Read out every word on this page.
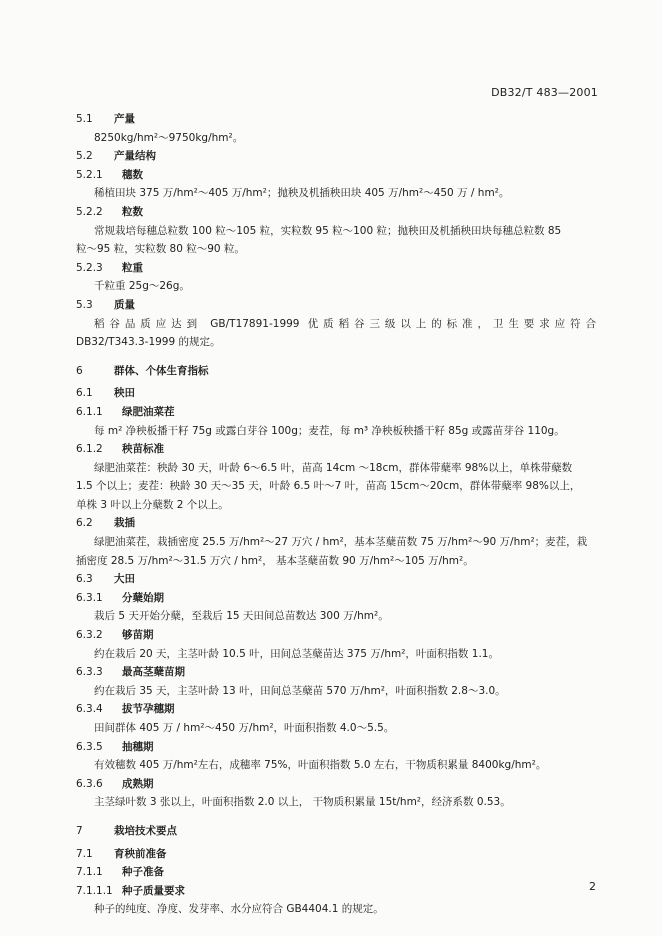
DB32/T 483—2001
5.1	产量
8250kg/hm²～9750kg/hm²。
5.2	产量结构
5.2.1	穗数
稀植田块 375 万/hm²～405 万/hm²；抛秧及机插秧田块 405 万/hm²～450 万 / hm²。
5.2.2	粒数
常规栽培每穗总粒数 100 粒～105 粒，实粒数 95 粒～100 粒；抛秧田及机插秧田块每穗总粒数 85
粒～95 粒，实粒数 80 粒～90 粒。
5.2.3	粒重
千粒重 25g～26g。
5.3	质量
稻谷品质应达到 GB/T17891-1999 优质稻谷三级以上的标准，卫生要求应符合
DB32/T343.3-1999 的规定。
6	群体、个体生育指标
6.1	秧田
6.1.1	绿肥油菜茬
每 m² 净秧板播干籽 75g 或露白芽谷 100g；麦茬，每 m³ 净秧板秧播干籽 85g 或露苗芽谷 110g。
6.1.2	秧苗标准
绿肥油菜茬：秧龄 30 天，叶龄 6～6.5 叶，苗高 14cm ～18cm，群体带蘖率 98%以上，单株带蘖数
1.5 个以上；麦茬：秧龄 30 天～35 天，叶龄 6.5 叶～7 叶，苗高 15cm～20cm，群体带蘖率 98%以上，
单株 3 叶以上分蘖数 2 个以上。
6.2	栽插
绿肥油菜茬，栽插密度 25.5 万/hm²～27 万穴 / hm²，基本茎蘖苗数 75 万/hm²～90 万/hm²；麦茬，栽
插密度 28.5 万/hm²～31.5 万穴 / hm²， 基本茎蘖苗数 90 万/hm²～105 万/hm²。
6.3	大田
6.3.1	分蘖始期
栽后 5 天开始分蘖，至栽后 15 天田间总苗数达 300 万/hm²。
6.3.2	够苗期
约在栽后 20 天，主茎叶龄 10.5 叶，田间总茎蘖苗达 375 万/hm²，叶面积指数 1.1。
6.3.3	最高茎蘖苗期
约在栽后 35 天，主茎叶龄 13 叶，田间总茎蘖苗 570 万/hm²，叶面积指数 2.8～3.0。
6.3.4	拔节孕穗期
田间群体 405 万 / hm²～450 万/hm²，叶面积指数 4.0～5.5。
6.3.5	抽穗期
有效穗数 405 万/hm²左右，成穗率 75%，叶面积指数 5.0 左右，干物质积累量 8400kg/hm²。
6.3.6	成熟期
主茎绿叶数 3 张以上，叶面积指数 2.0 以上， 干物质积累量 15t/hm²，经济系数 0.53。
7	栽培技术要点
7.1	育秧前准备
7.1.1	种子准备
7.1.1.1 种子质量要求
种子的纯度、净度、发芽率、水分应符合 GB4404.1 的规定。
2
